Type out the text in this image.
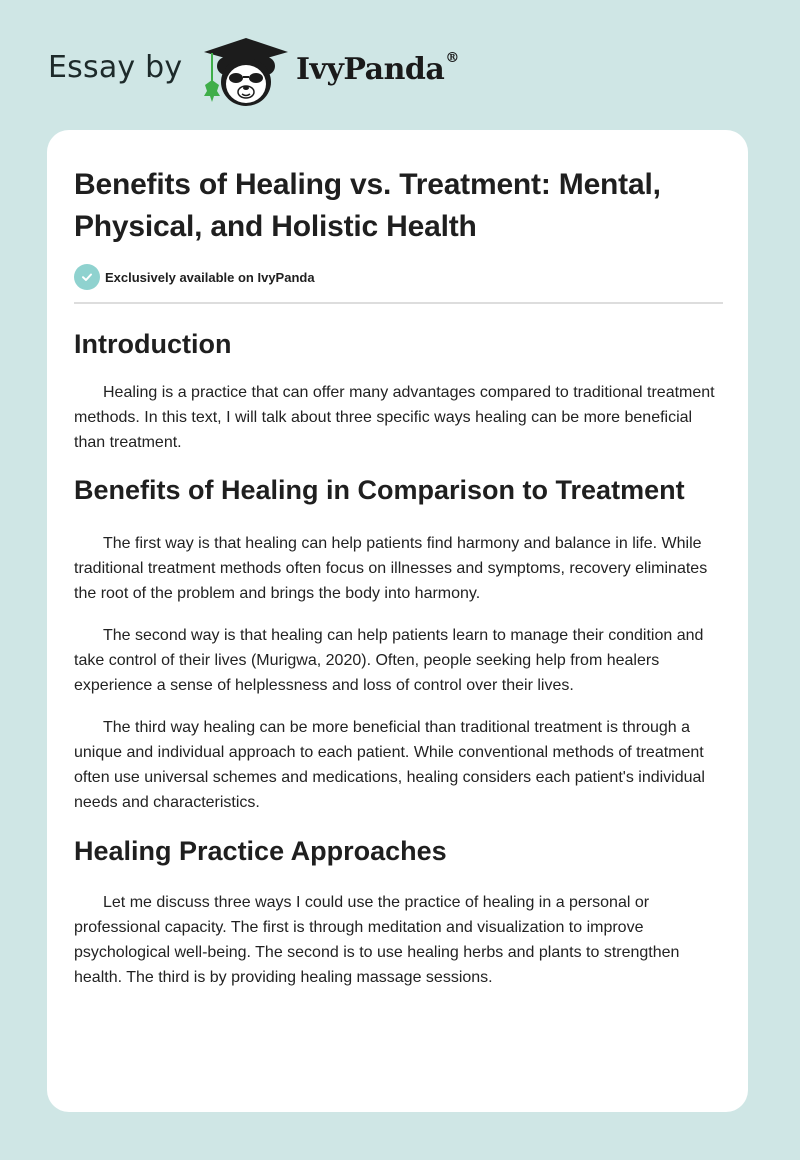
Essay by	IvyPanda®
Benefits of Healing vs. Treatment: Mental, Physical, and Holistic Health
Exclusively available on IvyPanda
Introduction

Healing is a practice that can offer many advantages compared to traditional treatment methods. In this text, I will talk about three specific ways healing can be more beneficial than treatment.

Benefits of Healing in Comparison to Treatment

The first way is that healing can help patients find harmony and balance in life. While traditional treatment methods often focus on illnesses and symptoms, recovery eliminates the root of the problem and brings the body into harmony.

The second way is that healing can help patients learn to manage their condition and take control of their lives (Murigwa, 2020). Often, people seeking help from healers experience a sense of helplessness and loss of control over their lives.

The third way healing can be more beneficial than traditional treatment is through a unique and individual approach to each patient. While conventional methods of treatment often use universal schemes and medications, healing considers each patient's individual needs and characteristics.

Healing Practice Approaches

Let me discuss three ways I could use the practice of healing in a personal or professional capacity. The first is through meditation and visualization to improve psychological well-being. The second is to use healing herbs and plants to strengthen health. The third is by providing healing massage sessions.
